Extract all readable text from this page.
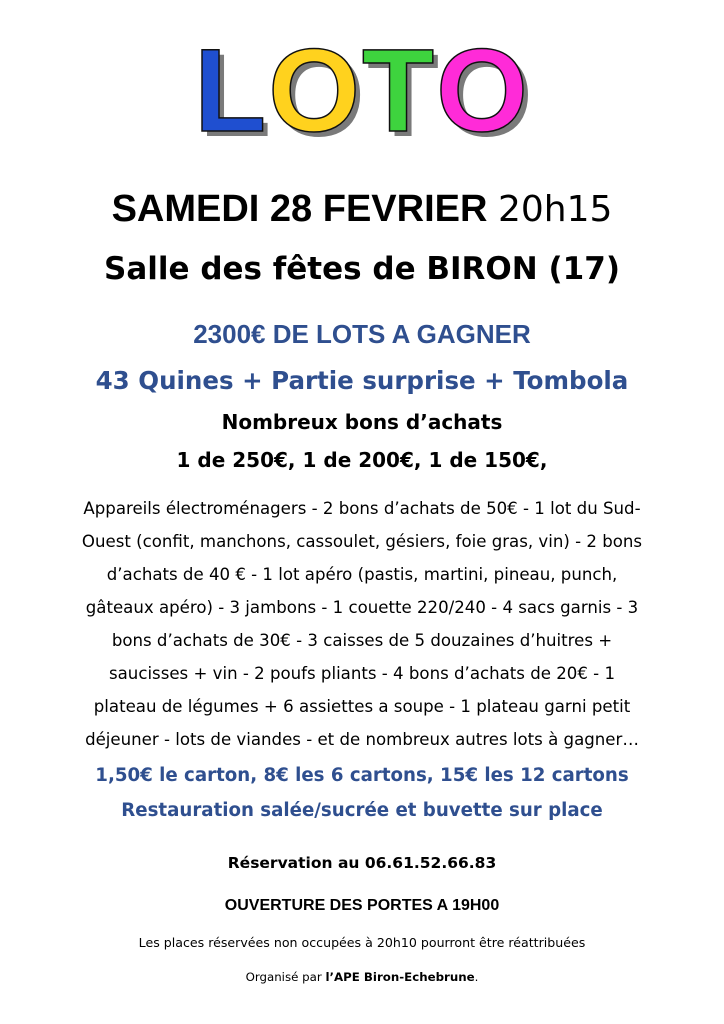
LOTO
SAMEDI 28 FEVRIER 20h15
Salle des fêtes de BIRON (17)
2300€ DE LOTS A GAGNER
43 Quines + Partie surprise + Tombola
Nombreux bons d’achats
1 de 250€, 1 de 200€, 1 de 150€,
Appareils électroménagers - 2 bons d’achats de 50€ - 1 lot du Sud-
Ouest (confit, manchons, cassoulet, gésiers, foie gras, vin) - 2 bons
d’achats de 40 € - 1 lot apéro (pastis, martini, pineau, punch,
gâteaux apéro) - 3 jambons - 1 couette 220/240 - 4 sacs garnis - 3
bons d’achats de 30€ - 3 caisses de 5 douzaines d’huitres +
saucisses + vin - 2 poufs pliants - 4 bons d’achats de 20€ - 1
plateau de légumes + 6 assiettes a soupe - 1 plateau garni petit
déjeuner - lots de viandes - et de nombreux autres lots à gagner…
1,50€ le carton, 8€ les 6 cartons, 15€ les 12 cartons
Restauration salée/sucrée et buvette sur place
Réservation au 06.61.52.66.83
OUVERTURE DES PORTES A 19H00
Les places réservées non occupées à 20h10 pourront être réattribuées
Organisé par l’APE Biron-Echebrune.
